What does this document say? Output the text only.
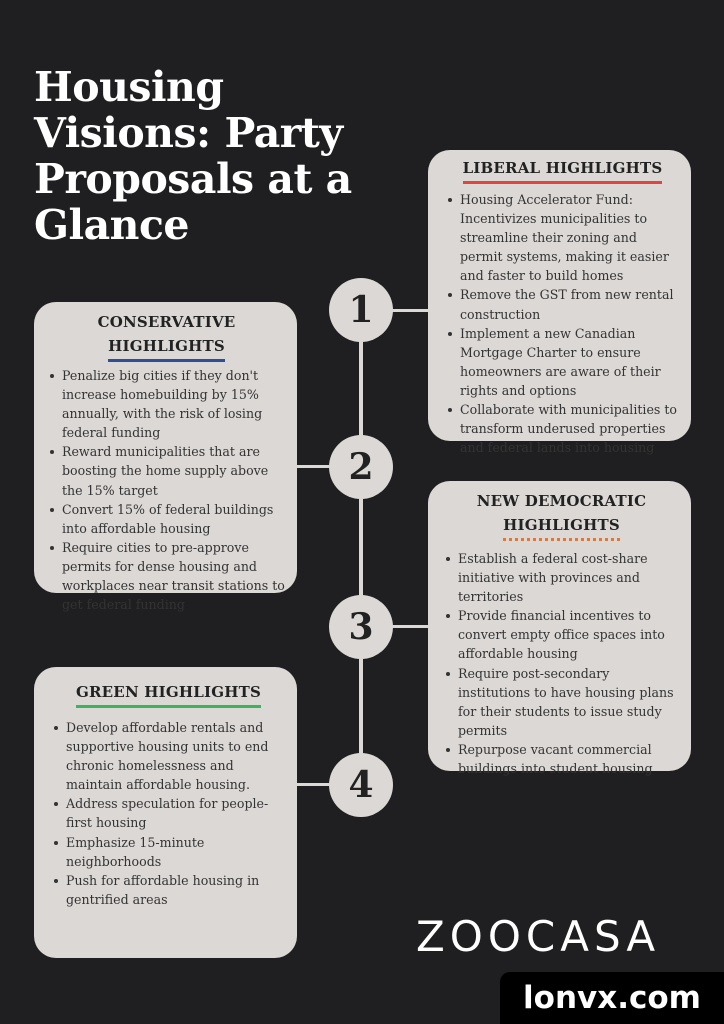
Housing Visions: Party Proposals at a Glance
1
2
3
4
LIBERAL HIGHLIGHTS
Housing Accelerator Fund: Incentivizes municipalities to streamline their zoning and permit systems, making it easier and faster to build homes
Remove the GST from new rental construction
Implement a new Canadian Mortgage Charter to ensure homeowners are aware of their rights and options
Collaborate with municipalities to transform underused properties and federal lands into housing
CONSERVATIVE
HIGHLIGHTS
Penalize big cities if they don't increase homebuilding by 15% annually, with the risk of losing federal funding
Reward municipalities that are boosting the home supply above the 15% target
Convert 15% of federal buildings into affordable housing
Require cities to pre-approve permits for dense housing and workplaces near transit stations to get federal funding
NEW DEMOCRATIC
HIGHLIGHTS
Establish a federal cost-share initiative with provinces and territories
Provide financial incentives to convert empty office spaces into affordable housing
Require post-secondary institutions to have housing plans for their students to issue study permits
Repurpose vacant commercial buildings into student housing
GREEN HIGHLIGHTS
Develop affordable rentals and supportive housing units to end chronic homelessness and maintain affordable housing.
Address speculation for people-first housing
Emphasize 15-minute neighborhoods
Push for affordable housing in gentrified areas
ZOOCASA
lonvx.com
